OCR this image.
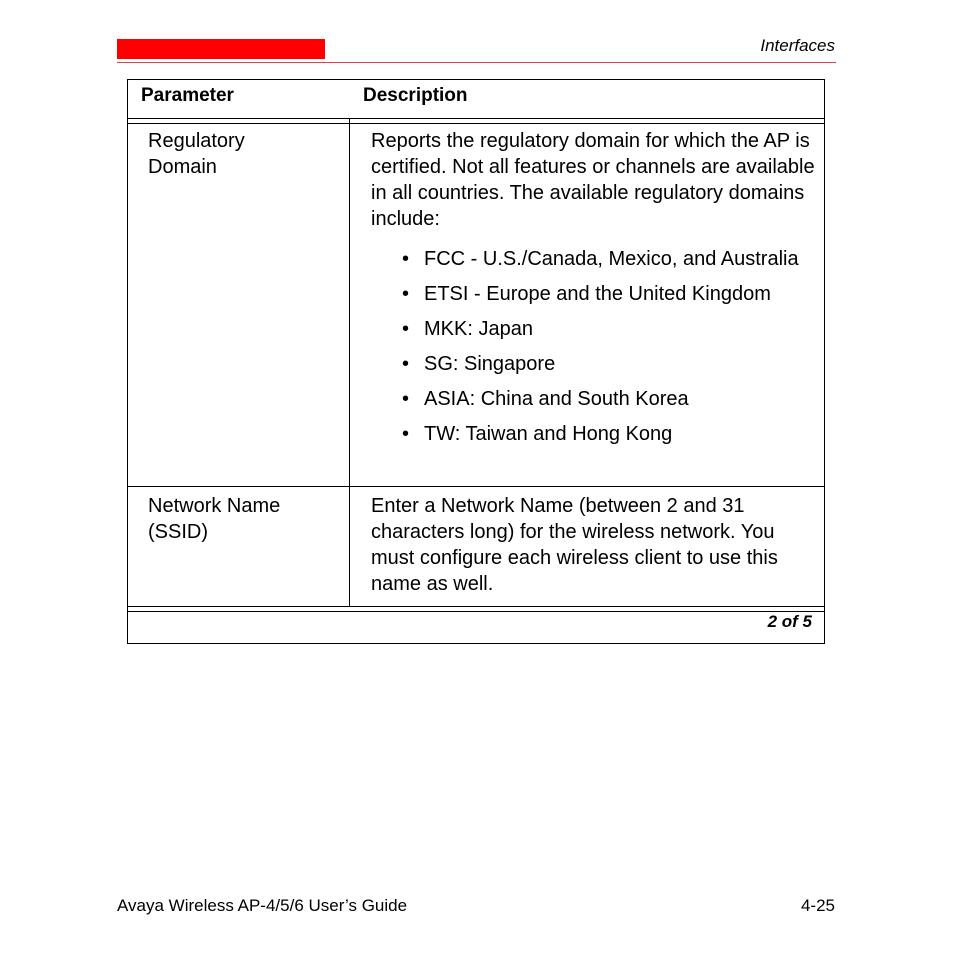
Interfaces
Parameter	Description
Regulatory
Domain

Reports the regulatory domain for which the AP is certified. Not all features or channels are available in all countries. The available regulatory domains include:

• FCC - U.S./Canada, Mexico, and Australia
• ETSI - Europe and the United Kingdom
• MKK: Japan
• SG: Singapore
• ASIA: China and South Korea
• TW: Taiwan and Hong Kong
Network Name
(SSID)

Enter a Network Name (between 2 and 31 characters long) for the wireless network. You must configure each wireless client to use this name as well.

2 of 5
Avaya Wireless AP-4/5/6 User’s Guide	4-25
